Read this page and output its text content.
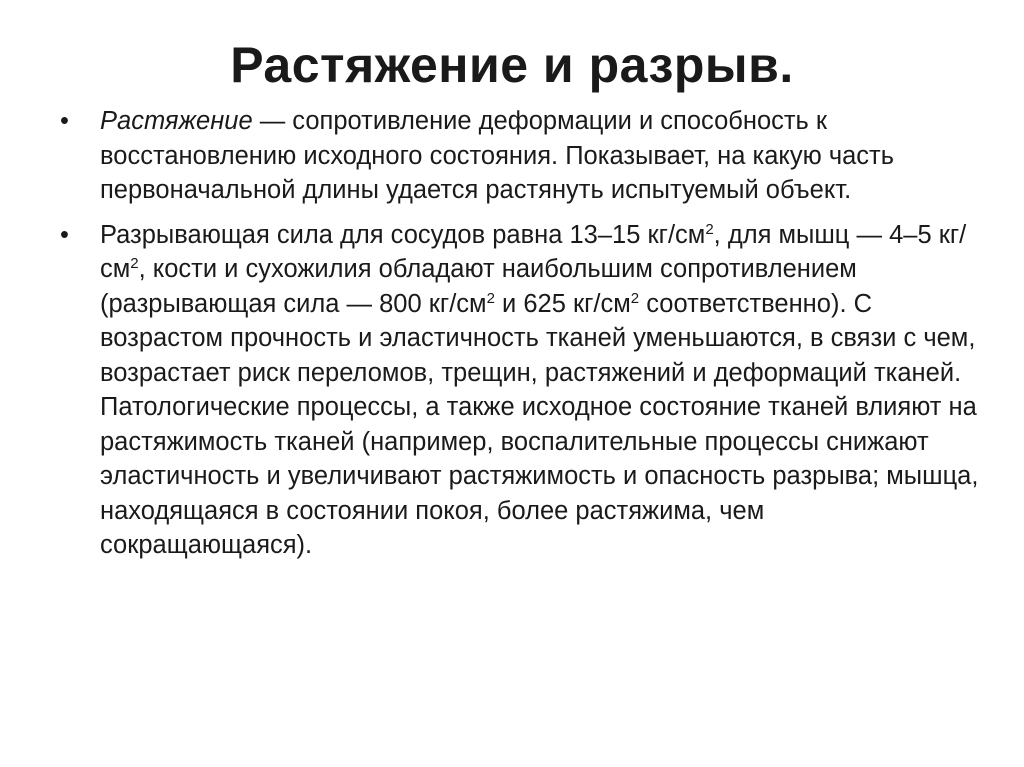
Растяжение и разрыв.
•	Растяжение — сопротивление деформации и способность к восстановлению исходного состояния. Показывает, на какую часть первоначальной длины удается растянуть испытуемый объект.
•	Разрывающая сила для сосудов равна 13–15 $кг/см^2$, для мышц — 4–5 $кг/см^2$, кости и сухожилия обладают наибольшим сопротивлением (разрывающая сила — 800 $кг/см^2$ и 625 $кг/см^2$ соответственно). С возрастом прочность и эластичность тканей уменьшаются, в связи с чем, возрастает риск переломов, трещин, растяжений и деформаций тканей. Патологические процессы, а также исходное состояние тканей влияют на растяжимость тканей (например, воспалительные процессы снижают эластичность и увеличивают растяжимость и опасность разрыва; мышца, находящаяся в состоянии покоя, более растяжима, чем сокращающаяся).
